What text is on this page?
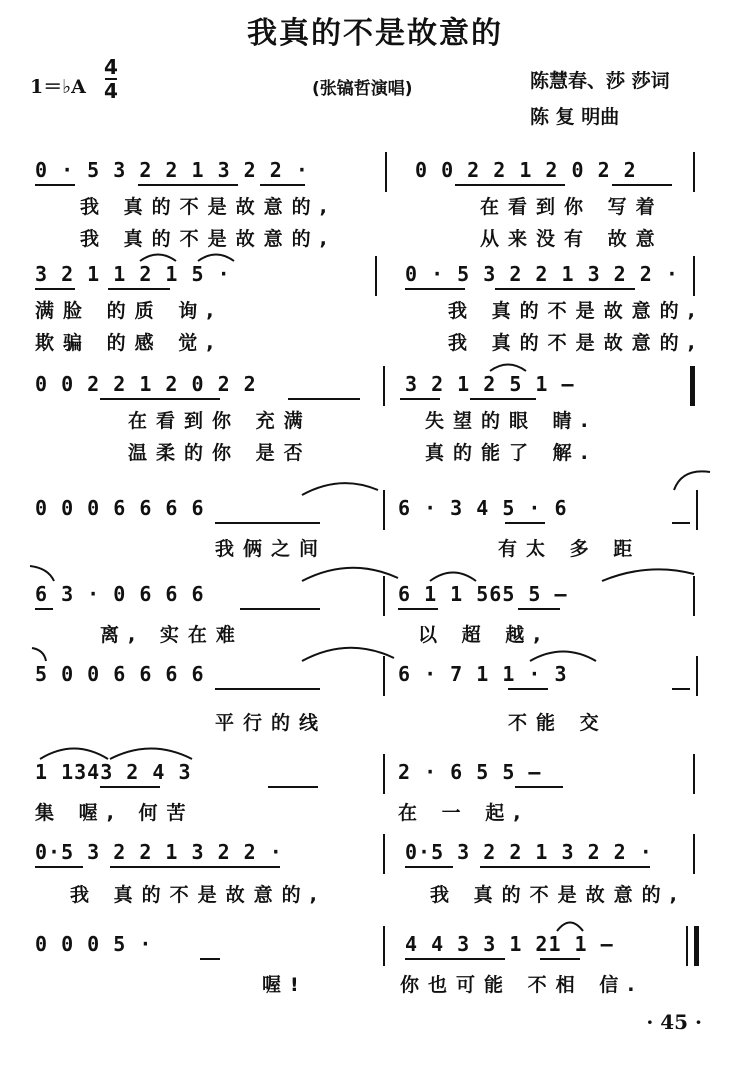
我真的不是故意的
1＝♭A
4
4	(张镐哲演唱)	陈慧春、莎 莎词
陈 复 明曲
0 · 5 3 2 2 1 3 2 2 ·	0 0 2 2 1 2 0 2 2
我 真的不是故意的,	在看到你 写着
我 真的不是故意的,	从来没有 故意
3 2 1 1 2 1 5 ·	0 · 5 3 2 2 1 3 2 2 ·
满脸 的质 询,	我 真的不是故意的,
欺骗 的感 觉,	我 真的不是故意的,
0 0 2 2 1 2 0 2 2	3 2 1 2 5 1 —
在看到你 充满	失望的眼 睛.
温柔的你 是否	真的能了 解.
0 0 0 6 6 6 6	6 · 3 4 5 · 6
我俩之间	有太 多 距
6 3 · 0 6 6 6	6 1 1 565 5 —
离, 实在难	以 超 越,
5 0 0 6 6 6 6	6 · 7 1 1 · 3
平行的线	不能 交
1 1343 2 4 3	2 · 6 5 5 —
集 喔, 何苦	在 一 起,
0·5 3 2 2 1 3 2 2 ·	0·5 3 2 2 1 3 2 2 ·
我 真的不是故意的,	我 真的不是故意的,
0 0 0 5 ·	4 4 3 3 1 21 1 —
喔!	你也可能 不相 信.
· 45 ·
